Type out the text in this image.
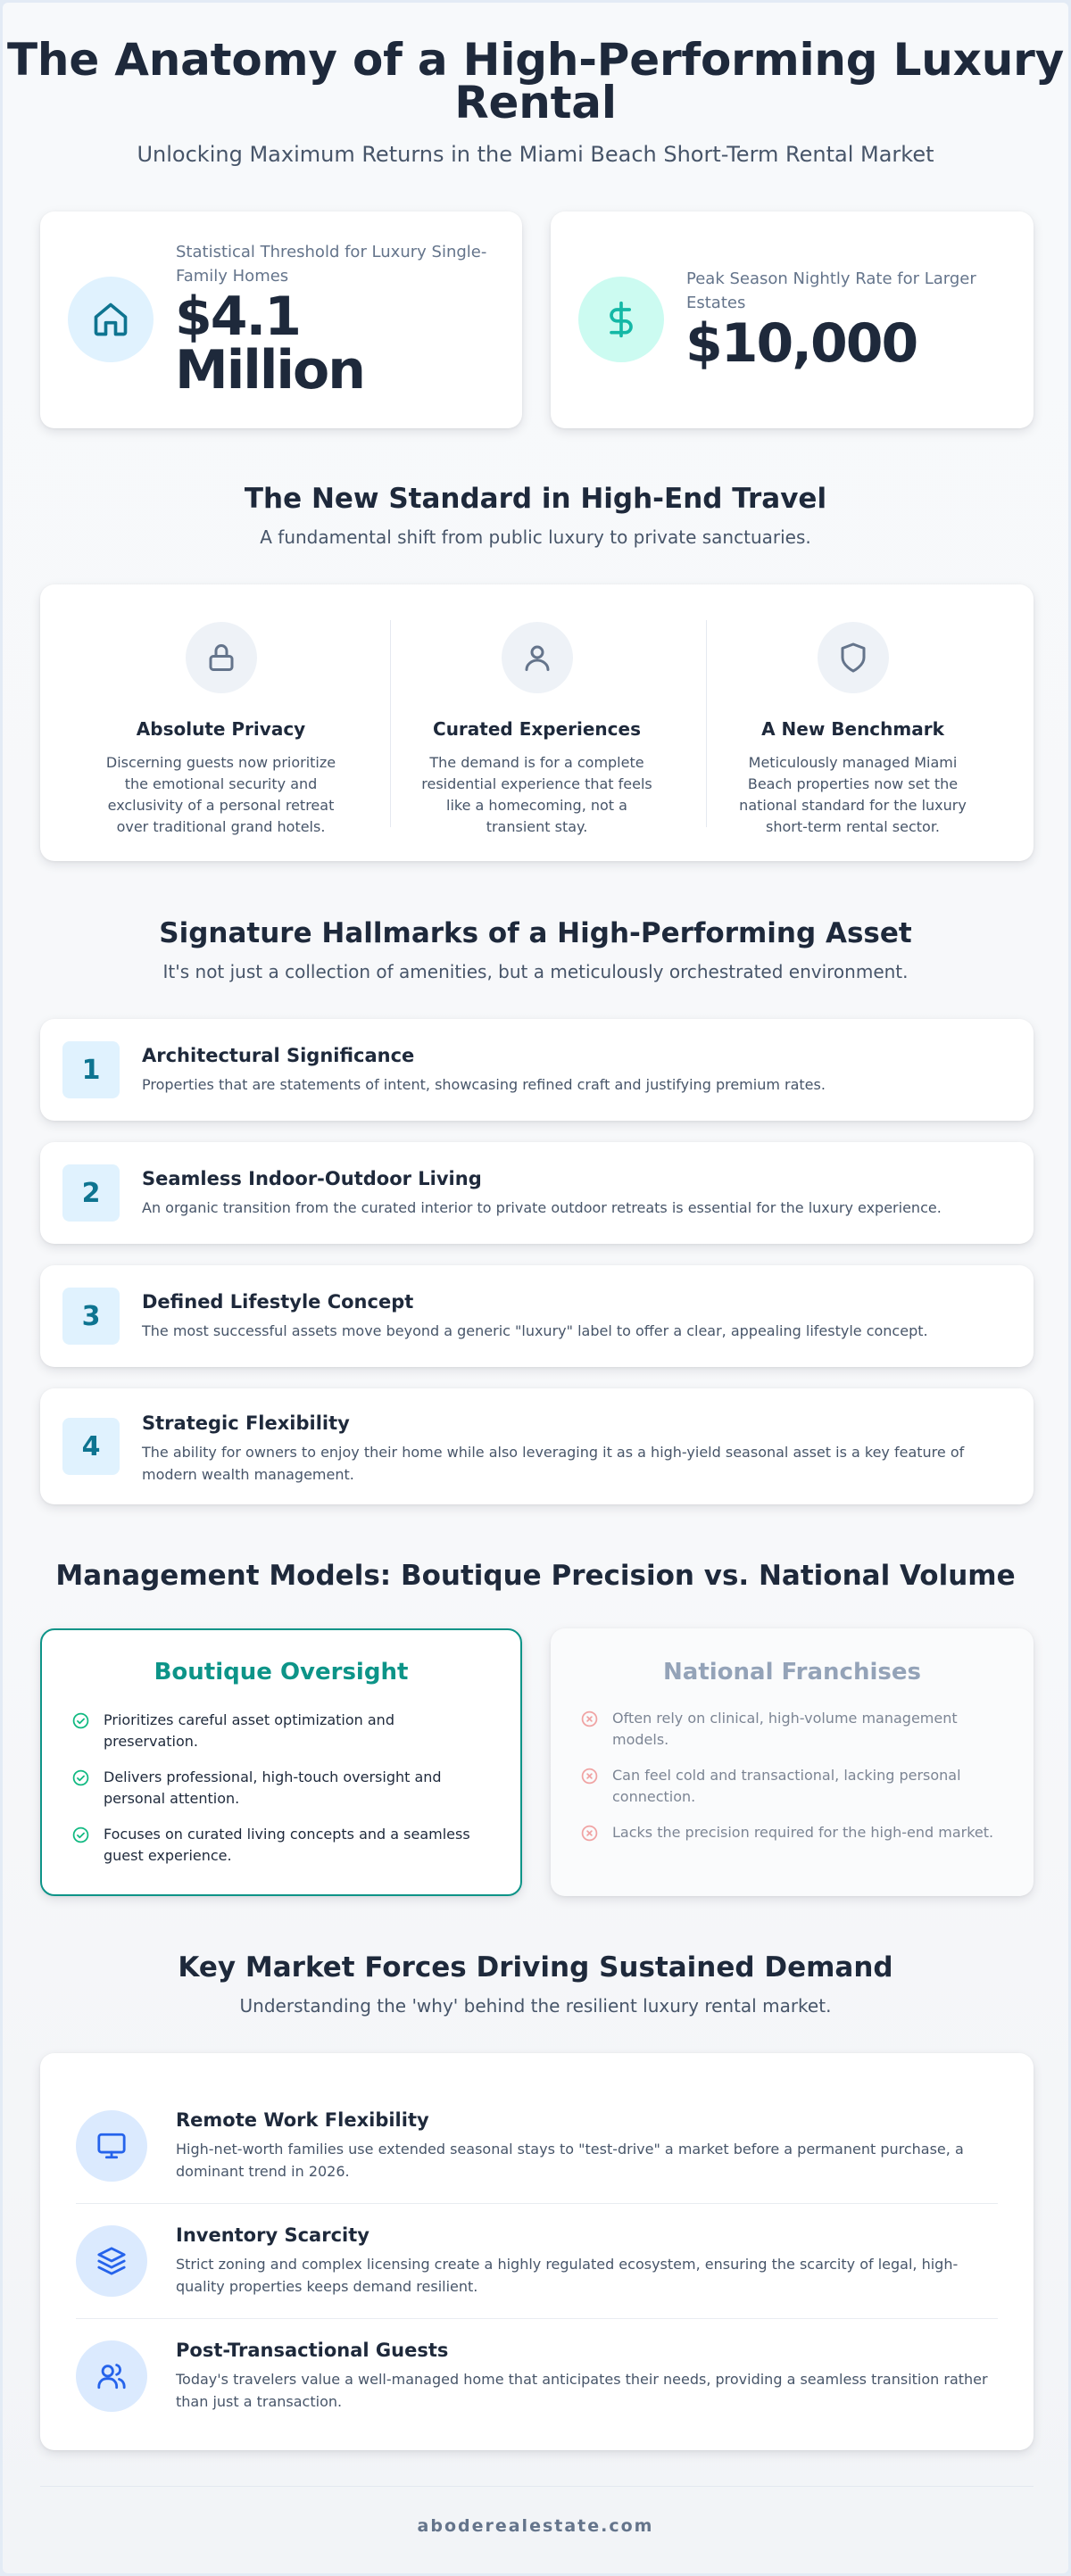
The Anatomy of a High-Performing Luxury Rental
Unlocking Maximum Returns in the Miami Beach Short-Term Rental Market
Statistical Threshold for Luxury Single-Family Homes
$4.1 Million
Peak Season Nightly Rate for Larger Estates
$10,000
The New Standard in High-End Travel
A fundamental shift from public luxury to private sanctuaries.
Absolute Privacy
Discerning guests now prioritize the emotional security and exclusivity of a personal retreat over traditional grand hotels.
Curated Experiences
The demand is for a complete residential experience that feels like a homecoming, not a transient stay.
A New Benchmark
Meticulously managed Miami Beach properties now set the national standard for the luxury short-term rental sector.
Signature Hallmarks of a High-Performing Asset
It's not just a collection of amenities, but a meticulously orchestrated environment.
1	Architectural Significance
Properties that are statements of intent, showcasing refined craft and justifying premium rates.
2	Seamless Indoor-Outdoor Living
An organic transition from the curated interior to private outdoor retreats is essential for the luxury experience.
3	Defined Lifestyle Concept
The most successful assets move beyond a generic "luxury" label to offer a clear, appealing lifestyle concept.
4
Strategic Flexibility
The ability for owners to enjoy their home while also leveraging it as a high-yield seasonal asset is a key feature of modern wealth management.
Management Models: Boutique Precision vs. National Volume
Boutique Oversight
Prioritizes careful asset optimization and preservation.
Delivers professional, high-touch oversight and personal attention.
Focuses on curated living concepts and a seamless guest experience.
National Franchises
Often rely on clinical, high-volume management models.
Can feel cold and transactional, lacking personal connection.
Lacks the precision required for the high-end market.
Key Market Forces Driving Sustained Demand
Understanding the 'why' behind the resilient luxury rental market.
Remote Work Flexibility
High-net-worth families use extended seasonal stays to "test-drive" a market before a permanent purchase, a dominant trend in 2026.
Inventory Scarcity
Strict zoning and complex licensing create a highly regulated ecosystem, ensuring the scarcity of legal, high-quality properties keeps demand resilient.
Post-Transactional Guests
Today's travelers value a well-managed home that anticipates their needs, providing a seamless transition rather than just a transaction.
aboderealestate.com
